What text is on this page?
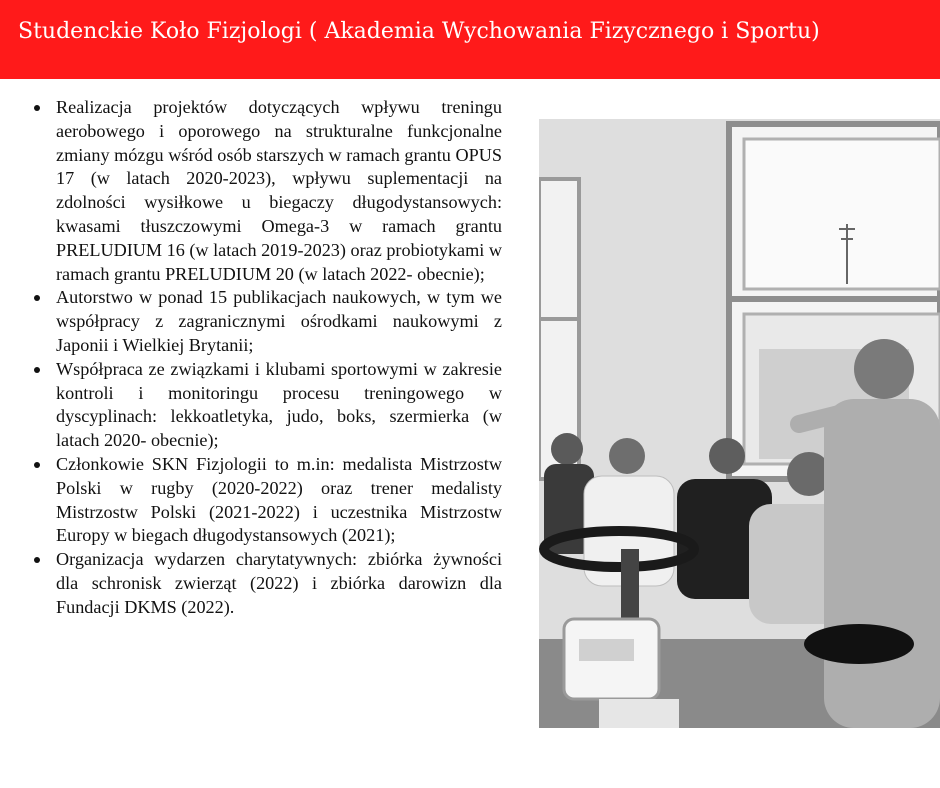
Studenckie Koło Fizjologi ( Akademia Wychowania Fizycznego i Sportu)
Realizacja projektów dotyczących wpływu treningu aerobowego i oporowego na strukturalne funkcjonalne zmiany mózgu wśród osób starszych w ramach grantu OPUS 17 (w latach 2020-2023), wpływu suplementacji na zdolności wysiłkowe u biegaczy długodystansowych: kwasami tłuszczowymi Omega-3 w ramach grantu PRELUDIUM 16 (w latach 2019-2023) oraz probiotykami w ramach grantu PRELUDIUM 20 (w latach 2022- obecnie);
Autorstwo w ponad 15 publikacjach naukowych, w tym we współpracy z zagranicznymi ośrodkami naukowymi z Japonii i Wielkiej Brytanii;
Współpraca ze związkami i klubami sportowymi w zakresie kontroli i monitoringu procesu treningowego w dyscyplinach: lekkoatletyka, judo, boks, szermierka (w latach 2020- obecnie);
Członkowie SKN Fizjologii to m.in: medalista Mistrzostw Polski w rugby (2020-2022) oraz trener medalisty Mistrzostw Polski (2021-2022) i uczestnika Mistrzostw Europy w biegach długodystansowych (2021);
Organizacja wydarzen charytatywnych: zbiórka żywności dla schronisk zwierząt (2022) i zbiórka darowizn dla Fundacji DKMS (2022).
